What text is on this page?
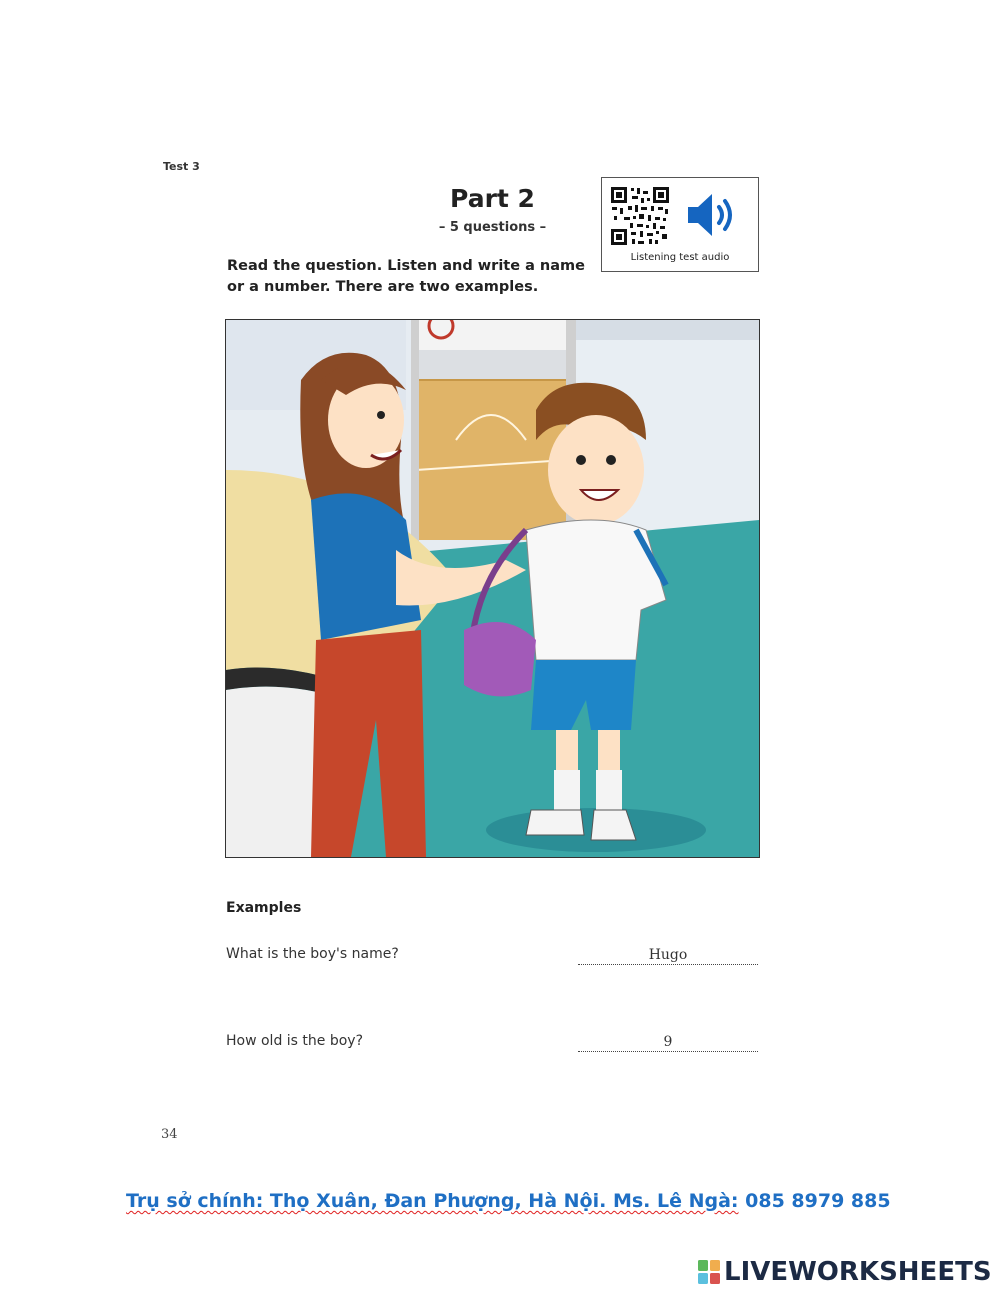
Test 3
Part 2
– 5 questions –
Listening test audio
Read the question. Listen and write a name or a number. There are two examples.
Examples
What is the boy's name?	Hugo
How old is the boy?	9
34
Trụ sở chính: Thọ Xuân, Đan Phượng, Hà Nội. Ms. Lê Ngà: 085 8979 885
LIVEWORKSHEETS
